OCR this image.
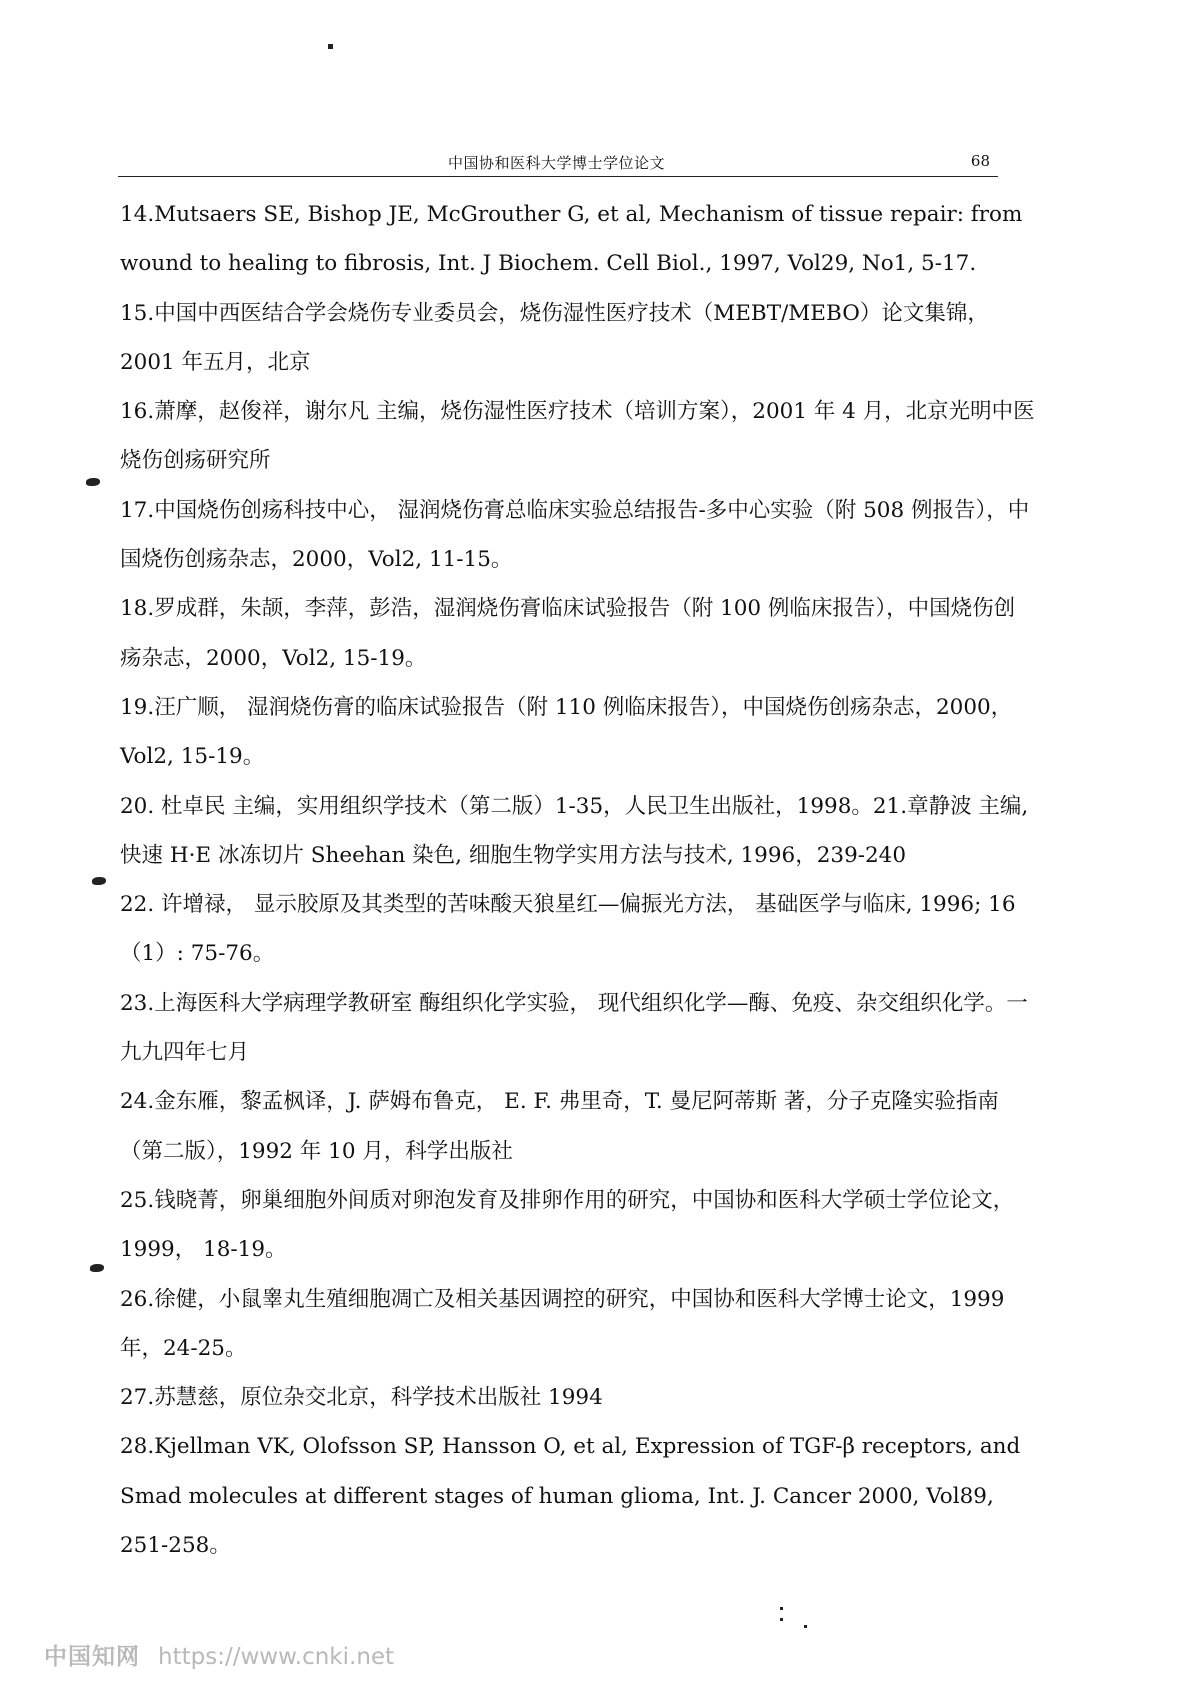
中国协和医科大学博士学位论文	68

14.Mutsaers SE, Bishop JE, McGrouther G, et al, Mechanism of tissue repair: from wound to healing to fibrosis, Int. J Biochem. Cell Biol., 1997, Vol29, No1, 5-17.

15.中国中西医结合学会烧伤专业委员会，烧伤湿性医疗技术（MEBT/MEBO）论文集锦，2001 年五月，北京

16.萧摩，赵俊祥，谢尔凡 主编，烧伤湿性医疗技术（培训方案），2001 年 4 月，北京光明中医烧伤创疡研究所

17.中国烧伤创疡科技中心， 湿润烧伤膏总临床实验总结报告-多中心实验（附 508 例报告），中国烧伤创疡杂志，2000，Vol2, 11-15。

18.罗成群，朱颉，李萍，彭浩，湿润烧伤膏临床试验报告（附 100 例临床报告），中国烧伤创疡杂志，2000，Vol2, 15-19。

19.汪广顺， 湿润烧伤膏的临床试验报告（附 110 例临床报告），中国烧伤创疡杂志，2000，Vol2, 15-19。

20. 杜卓民 主编，实用组织学技术（第二版）1-35，人民卫生出版社，1998。21.章静波 主编, 快速 H·E 冰冻切片 Sheehan 染色, 细胞生物学实用方法与技术, 1996，239-240

22. 许增禄， 显示胶原及其类型的苦味酸天狼星红—偏振光方法， 基础医学与临床, 1996; 16（1）: 75-76。

23.上海医科大学病理学教研室 酶组织化学实验， 现代组织化学—酶、免疫、杂交组织化学。一九九四年七月

24.金东雁，黎孟枫译，J. 萨姆布鲁克， E. F. 弗里奇，T. 曼尼阿蒂斯 著，分子克隆实验指南（第二版），1992 年 10 月，科学出版社

25.钱晓菁，卵巢细胞外间质对卵泡发育及排卵作用的研究，中国协和医科大学硕士学位论文，1999， 18-19。

26.徐健，小鼠睾丸生殖细胞凋亡及相关基因调控的研究，中国协和医科大学博士论文，1999 年，24-25。

27.苏慧慈，原位杂交北京，科学技术出版社 1994

28.Kjellman VK, Olofsson SP, Hansson O, et al, Expression of TGF-β receptors, and Smad molecules at different stages of human glioma, Int. J. Cancer 2000, Vol89, 251-258。

中国知网 https://www.cnki.net
